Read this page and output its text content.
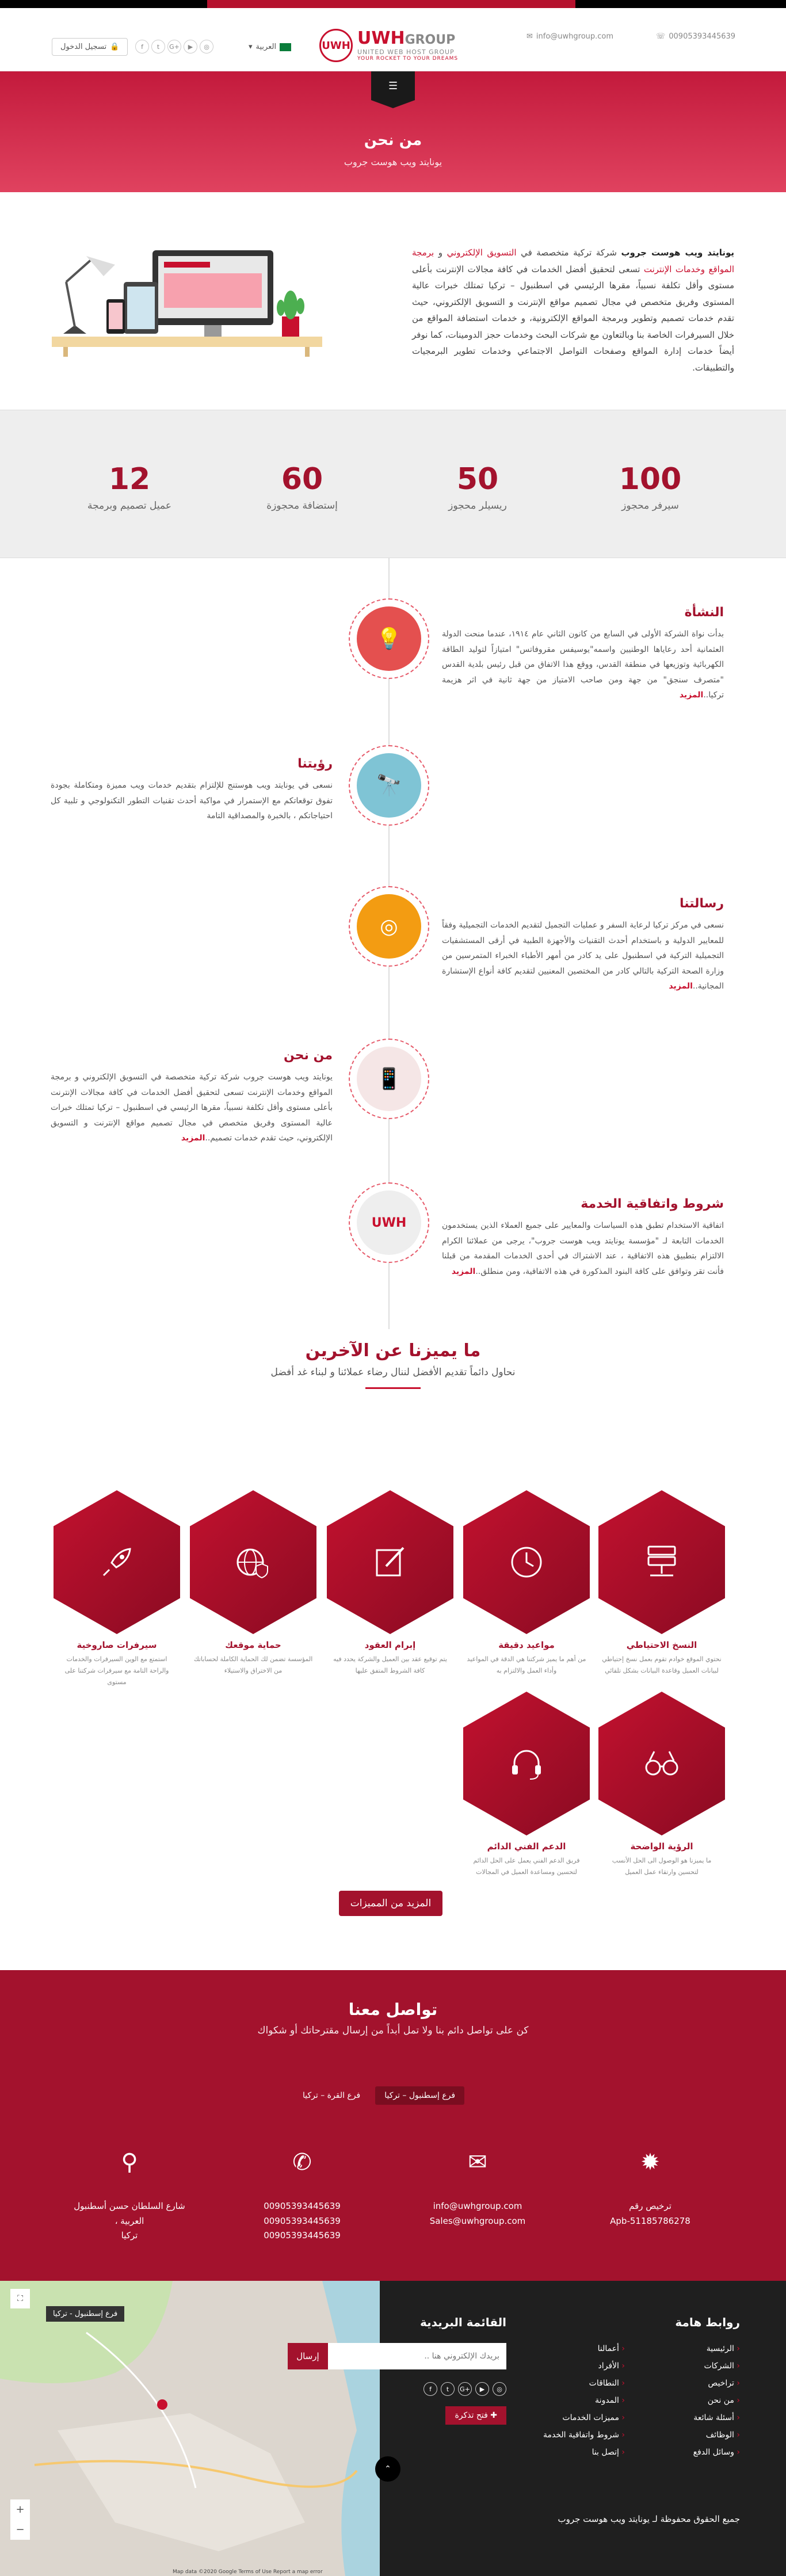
☏ 00905393445639
✉ info@uwhgroup.com
UWH UWHGROUP
UNITED WEB HOST GROUP
YOUR ROCKET TO YOUR DREAMS
العربية
▾
f	t	G+	▶	◎
🔒
تسجيل الدخول
☰
من نحن

يونايتد ويب هوست جروب

يونايتد ويب هوست جروب شركة تركية متخصصة في التسويق الإلكتروني و برمجة المواقع وخدمات الإنترنت تسعى لتحقيق أفضل الخدمات في كافة مجالات الإنترنت بأعلى مستوى وأقل تكلفة نسبياً، مقرها الرئيسي في اسطنبول – تركيا تمتلك خبرات عالية المستوى وفريق متخصص في مجال تصميم مواقع الإنترنت و التسويق الإلكتروني، حيث تقدم خدمات تصميم وتطوير وبرمجة المواقع الإلكترونية، و خدمات استضافة المواقع من خلال السيرفرات الخاصة بنا وبالتعاون مع شركات البحث وخدمات حجز الدومينات، كما نوفر أيضاً خدمات إدارة المواقع وصفحات التواصل الاجتماعي وخدمات تطوير البرمجيات والتطبيقات.
100
سيرفر محجوز
50
ريسيلر محجوز
60
إستضافة محجوزة
12
عميل تصميم وبرمجة
💡
النشأة

بدأت نواة الشركة الأولى في السابع من كانون الثاني عام ١٩١٤، عندما منحت الدولة العثمانية أحد رعاياها الوطنيين واسمه"يوسيفس مقروفاتس" امتيازاً لتوليد الطاقة الكهربائية وتوزيعها في منطقة القدس، ووقع هذا الاتفاق من قبل رئيس بلدية القدس "متصرف سنجق" من جهة ومن صاحب الامتياز من جهة ثانية في اثر هزيمة تركيا..المزيد

🔭
رؤيتنا

نسعى في يونايتد ويب هوستنج للإلتزام بتقديم خدمات ويب مميزة ومتكاملة بجودة تفوق توقعاتكم مع الإستمرار في مواكبة أحدث تقنيات التطور التكنولوجي و تلبية كل احتياجاتكم ، بالخبرة والمصداقية التامة

◎
رسالتنا

نسعى في مركز تركيا لرعاية السفر و عمليات التجميل لتقديم الخدمات التجميلية وفقاً للمعايير الدولية و باستخدام أحدث التقنيات والأجهزة الطبية في أرقى المستشفيات التجميلية التركية في اسطنبول على يد كادر من أمهر الأطباء الخبراء المتمرسين من وزارة الصحة التركية بالتالي كادر من المختصين المعنيين لتقديم كافة أنواع الإستشارة المجانية..المزيد

📱
من نحن

يونايتد ويب هوست جروب شركة تركية متخصصة في التسويق الإلكتروني و برمجة المواقع وخدمات الإنترنت تسعى لتحقيق أفضل الخدمات في كافة مجالات الإنترنت بأعلى مستوى وأقل تكلفة نسبياً، مقرها الرئيسي في اسطنبول – تركيا تمتلك خبرات عالية المستوى وفريق متخصص في مجال تصميم مواقع الإنترنت و التسويق الإلكتروني، حيث تقدم خدمات تصميم..المزيد

UWH
شروط واتفاقية الخدمة

اتفاقية الاستخدام تطبق هذه السياسات والمعايير على جميع العملاء الذين يستخدمون الخدمات التابعة لـ "مؤسسة يونايتد ويب هوست جروب"، يرجى من عملائنا الكرام الالتزام بتطبيق هذه الاتفاقية ، عند الاشتراك في أحدى الخدمات المقدمة من قبلنا فأنت تقر وتوافق على كافة البنود المذكورة في هذه الاتفاقية، ومن منطلق..المزيد

ما يميزنا عن الآخرين
نحاول دائماً تقديم الأفضل لننال رضاء عملائنا و لبناء غد أفضل
النسخ الاحتياطي

نحتوي الموقع خوادم تقوم بعمل نسخ إحتياطي لبيانات العميل وقاعدة البيانات بشكل تلقائي

مواعيد دقيقة

من أهم ما يميز شركتنا هي الدقة في المواعيد وأداء العمل والالتزام به

إبرام العقود

يتم توقيع عقد بين العميل والشركة يحدد فيه كافة الشروط المتفق عليها

حماية موقعك

المؤسسة تضمن لك الحماية الكاملة لحساباتك من الاختراق والاستيلاء

سيرفرات صاروخية

استمتع مع الوين السيرفرات والخدمات والراحة التامة مع سيرفرات شركتنا على مستوى

الرؤية الواضحة

ما يميزنا هو الوصول الى الحل الأنسب لتحسين وارتقاء عمل العميل

الدعم الفني الدائم

فريق الدعم الفني يعمل على الحل الدائم لتحسين ومساعدة العميل في المجالات

المزيد من المميزات
تواصل معنا
كن على تواصل دائم بنا ولا تمل أبداً من إرسال مقترحاتك أو شكواك
فرع إسطنبول – تركيا
فرع القرة – تركيا
✹
ترخيص رقم
Apb-51185786278
✉
info@uwhgroup.com
Sales@uwhgroup.com
✆
00905393445639
00905393445639
00905393445639
⚲
شارع السلطان حسن أسطنبول العربية ،
تركيا
فرع إسطنبول - تركيا
⛶
+
−
Map data ©2020 Google Terms of Use Report a map error
القائمة البريدية
بريدك الإلكتروني هنا ..
إرسال
f	t	G+	▶	◎
✚ فتح تذكرة
روابط هامة
‹ الرئيسية
‹ أعمالنا
‹ الشركات
‹ الأفراد
‹ تراخيص
‹ النطاقات
‹ من نحن
‹ المدونة
‹ أسئلة شائعة
‹ مميزات الخدمات
‹ الوظائف
‹ شروط واتفاقية الخدمة
‹ وسائل الدفع
‹ إتصل بنا
⌃
جميع الحقوق محفوظة لـ يونايتد ويب هوست جروب
